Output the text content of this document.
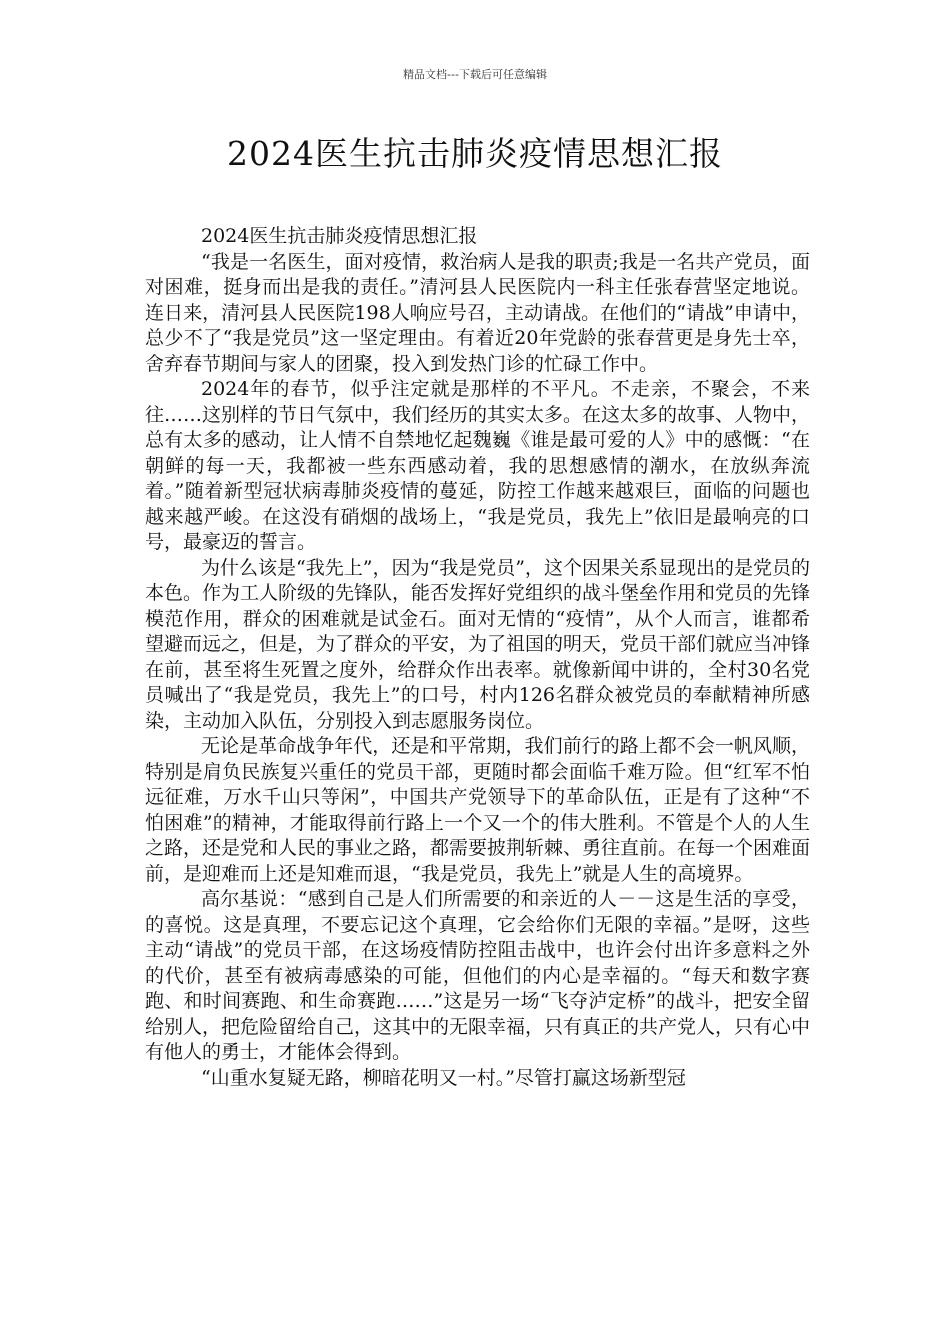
精品文档---下载后可任意编辑
2024医生抗击肺炎疫情思想汇报

2024医生抗击肺炎疫情思想汇报

“我是一名医生，面对疫情，救治病人是我的职责;我是一名共产党员，面对困难，挺身而出是我的责任。”清河县人民医院内一科主任张春营坚定地说。连日来，清河县人民医院198人响应号召，主动请战。在他们的“请战”申请中，总少不了“我是党员”这一坚定理由。有着近20年党龄的张春营更是身先士卒，舍弃春节期间与家人的团聚，投入到发热门诊的忙碌工作中。

2024年的春节，似乎注定就是那样的不平凡。不走亲，不聚会，不来往……这别样的节日气氛中，我们经历的其实太多。在这太多的故事、人物中，总有太多的感动，让人情不自禁地忆起魏巍《谁是最可爱的人》中的感慨：“在朝鲜的每一天，我都被一些东西感动着，我的思想感情的潮水，在放纵奔流着。”随着新型冠状病毒肺炎疫情的蔓延，防控工作越来越艰巨，面临的问题也越来越严峻。在这没有硝烟的战场上，“我是党员，我先上”依旧是最响亮的口号，最豪迈的誓言。

为什么该是“我先上”，因为“我是党员”，这个因果关系显现出的是党员的本色。作为工人阶级的先锋队，能否发挥好党组织的战斗堡垒作用和党员的先锋模范作用，群众的困难就是试金石。面对无情的“疫情”，从个人而言，谁都希望避而远之，但是，为了群众的平安，为了祖国的明天，党员干部们就应当冲锋在前，甚至将生死置之度外，给群众作出表率。就像新闻中讲的，全村30名党员喊出了“我是党员，我先上”的口号，村内126名群众被党员的奉献精神所感染，主动加入队伍，分别投入到志愿服务岗位。

无论是革命战争年代，还是和平常期，我们前行的路上都不会一帆风顺，特别是肩负民族复兴重任的党员干部，更随时都会面临千难万险。但“红军不怕远征难，万水千山只等闲”，中国共产党领导下的革命队伍，正是有了这种“不怕困难”的精神，才能取得前行路上一个又一个的伟大胜利。不管是个人的人生之路，还是党和人民的事业之路，都需要披荆斩棘、勇往直前。在每一个困难面前，是迎难而上还是知难而退，“我是党员，我先上”就是人生的高境界。

高尔基说：“感到自己是人们所需要的和亲近的人－－这是生活的享受，的喜悦。这是真理，不要忘记这个真理，它会给你们无限的幸福。”是呀，这些主动“请战”的党员干部，在这场疫情防控阻击战中，也许会付出许多意料之外的代价，甚至有被病毒感染的可能，但他们的内心是幸福的。“每天和数字赛跑、和时间赛跑、和生命赛跑……”这是另一场“飞夺泸定桥”的战斗，把安全留给别人，把危险留给自己，这其中的无限幸福，只有真正的共产党人，只有心中有他人的勇士，才能体会得到。

“山重水复疑无路，柳暗花明又一村。”尽管打赢这场新型冠
